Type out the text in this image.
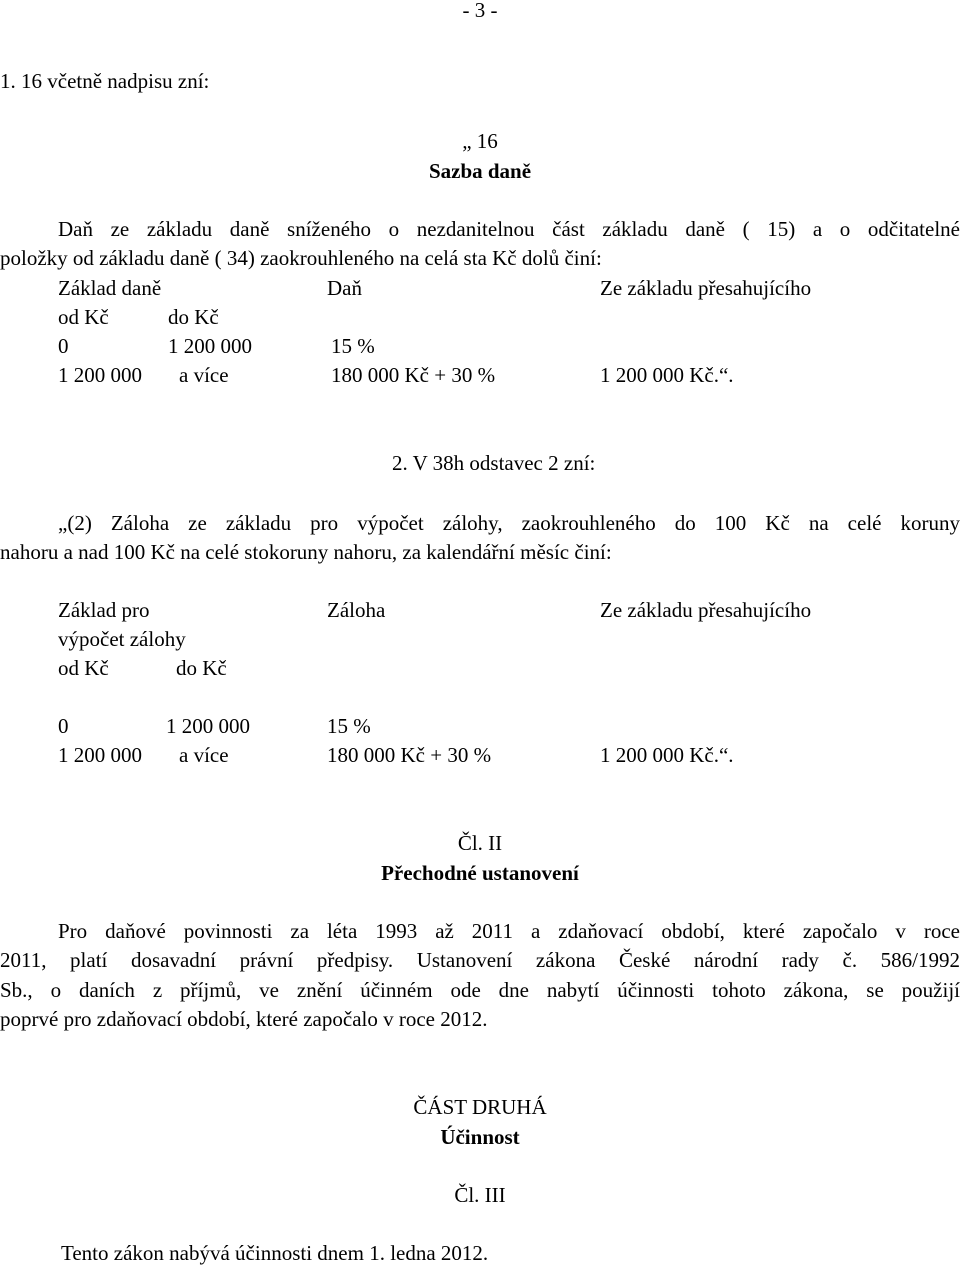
- 3 -
1. 16 včetně nadpisu zní:
„ 16
Sazba daně
Daň ze základu daně sníženého o nezdanitelnou část základu daně ( 15) a o odčitatelné
položky od základu daně ( 34) zaokrouhleného na celá sta Kč dolů činí:
Základ daně	Daň	Ze základu přesahujícího
od Kč	do Kč
0	1 200 000	15 %
1 200 000 a více	180 000 Kč + 30 %	1 200 000 Kč.“.
2. V 38h odstavec 2 zní:
„(2) Záloha ze základu pro výpočet zálohy, zaokrouhleného do 100 Kč na celé koruny
nahoru a nad 100 Kč na celé stokoruny nahoru, za kalendářní měsíc činí:
Základ pro	Záloha	Ze základu přesahujícího
výpočet zálohy
od Kč	do Kč
0	1 200 000	15 %
1 200 000 a více	180 000 Kč + 30 %	1 200 000 Kč.“.
Čl. II
Přechodné ustanovení
Pro daňové povinnosti za léta 1993 až 2011 a zdaňovací období, které započalo v roce
2011, platí dosavadní právní předpisy. Ustanovení zákona České národní rady č. 586/1992
Sb., o daních z příjmů, ve znění účinném ode dne nabytí účinnosti tohoto zákona, se použijí
poprvé pro zdaňovací období, které započalo v roce 2012.
ČÁST DRUHÁ
Účinnost
Čl. III
Tento zákon nabývá účinnosti dnem 1. ledna 2012.
